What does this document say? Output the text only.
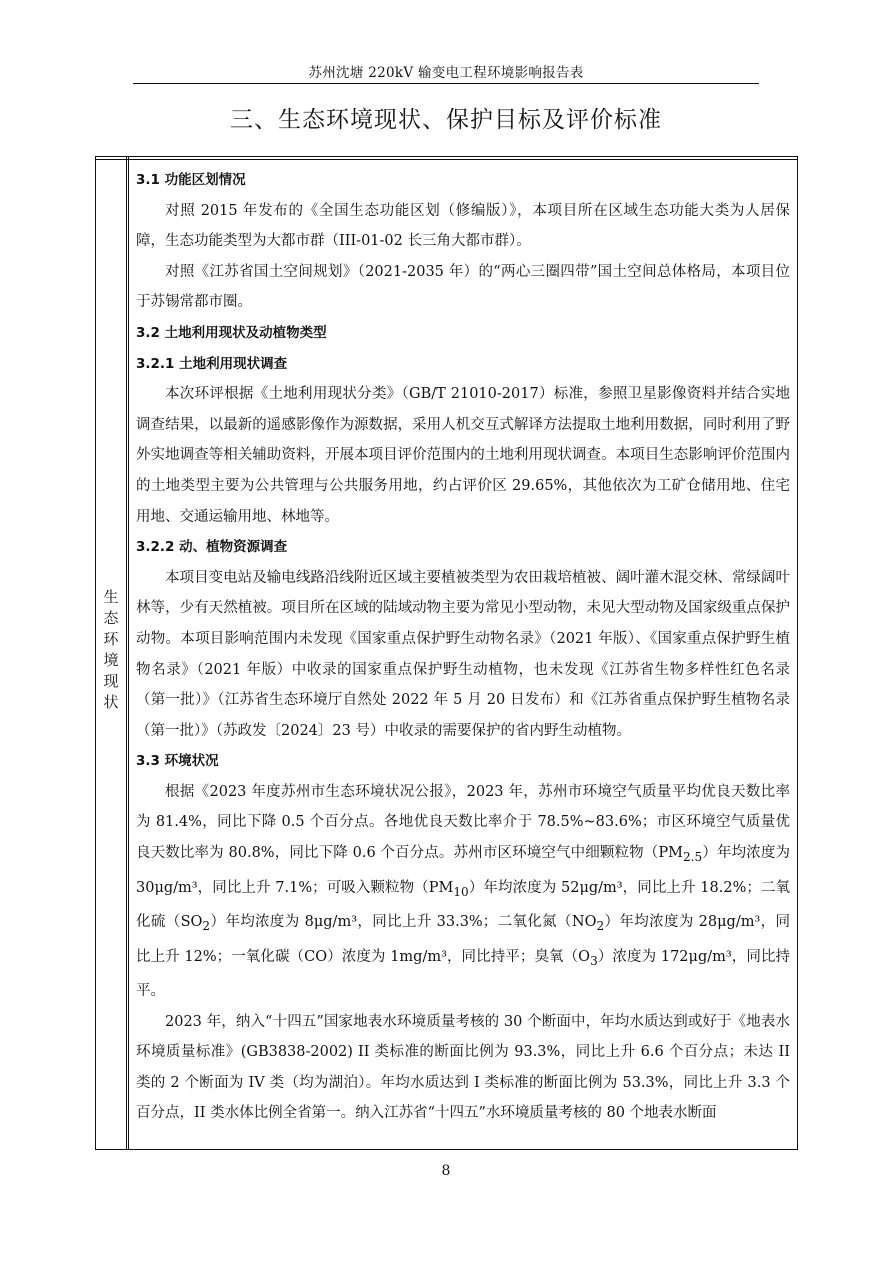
苏州沈塘 220kV 输变电工程环境影响报告表
三、生态环境现状、保护目标及评价标准
生
态
环
境
现
状

3.1 功能区划情况

对照 2015 年发布的《全国生态功能区划（修编版）》，本项目所在区域生态功能大类为人居保障，生态功能类型为大都市群（III-01-02 长三角大都市群）。

对照《江苏省国土空间规划》（2021-2035 年）的“两心三圈四带”国土空间总体格局，本项目位于苏锡常都市圈。

3.2 土地利用现状及动植物类型

3.2.1 土地利用现状调查

本次环评根据《土地利用现状分类》（GB/T 21010-2017）标准，参照卫星影像资料并结合实地调查结果，以最新的遥感影像作为源数据，采用人机交互式解译方法提取土地利用数据，同时利用了野外实地调查等相关辅助资料，开展本项目评价范围内的土地利用现状调查。本项目生态影响评价范围内的土地类型主要为公共管理与公共服务用地，约占评价区 29.65%，其他依次为工矿仓储用地、住宅用地、交通运输用地、林地等。

3.2.2 动、植物资源调查

本项目变电站及输电线路沿线附近区域主要植被类型为农田栽培植被、阔叶灌木混交林、常绿阔叶林等，少有天然植被。项目所在区域的陆域动物主要为常见小型动物，未见大型动物及国家级重点保护动物。本项目影响范围内未发现《国家重点保护野生动物名录》（2021 年版）、《国家重点保护野生植物名录》（2021 年版）中收录的国家重点保护野生动植物，也未发现《江苏省生物多样性红色名录（第一批）》（江苏省生态环境厅自然处 2022 年 5 月 20 日发布）和《江苏省重点保护野生植物名录（第一批）》（苏政发〔2024〕23 号）中收录的需要保护的省内野生动植物。

3.3 环境状况

根据《2023 年度苏州市生态环境状况公报》，2023 年，苏州市环境空气质量平均优良天数比率为 81.4%，同比下降 0.5 个百分点。各地优良天数比率介于 78.5%~83.6%；市区环境空气质量优良天数比率为 80.8%，同比下降 0.6 个百分点。苏州市区环境空气中细颗粒物$(PM_{2.5})$年均浓度为 30μg/m³，同比上升 7.1%；可吸入颗粒物$(PM_{10})$年均浓度为 52μg/m³，同比上升 18.2%；二氧化硫$(SO_2)$年均浓度为 8μg/m³，同比上升 33.3%；二氧化氮$(NO_2)$年均浓度为 28μg/m³，同比上升 12%；一氧化碳（CO）浓度为 1mg/m³，同比持平；臭氧$(O_3)$浓度为 172μg/m³，同比持平。

2023 年，纳入“十四五”国家地表水环境质量考核的 30 个断面中，年均水质达到或好于《地表水环境质量标准》(GB3838-2002) II 类标准的断面比例为 93.3%，同比上升 6.6 个百分点；未达 II 类的 2 个断面为 IV 类（均为湖泊）。年均水质达到 I 类标准的断面比例为 53.3%，同比上升 3.3 个百分点，II 类水体比例全省第一。纳入江苏省“十四五”水环境质量考核的 80 个地表水断面

8
